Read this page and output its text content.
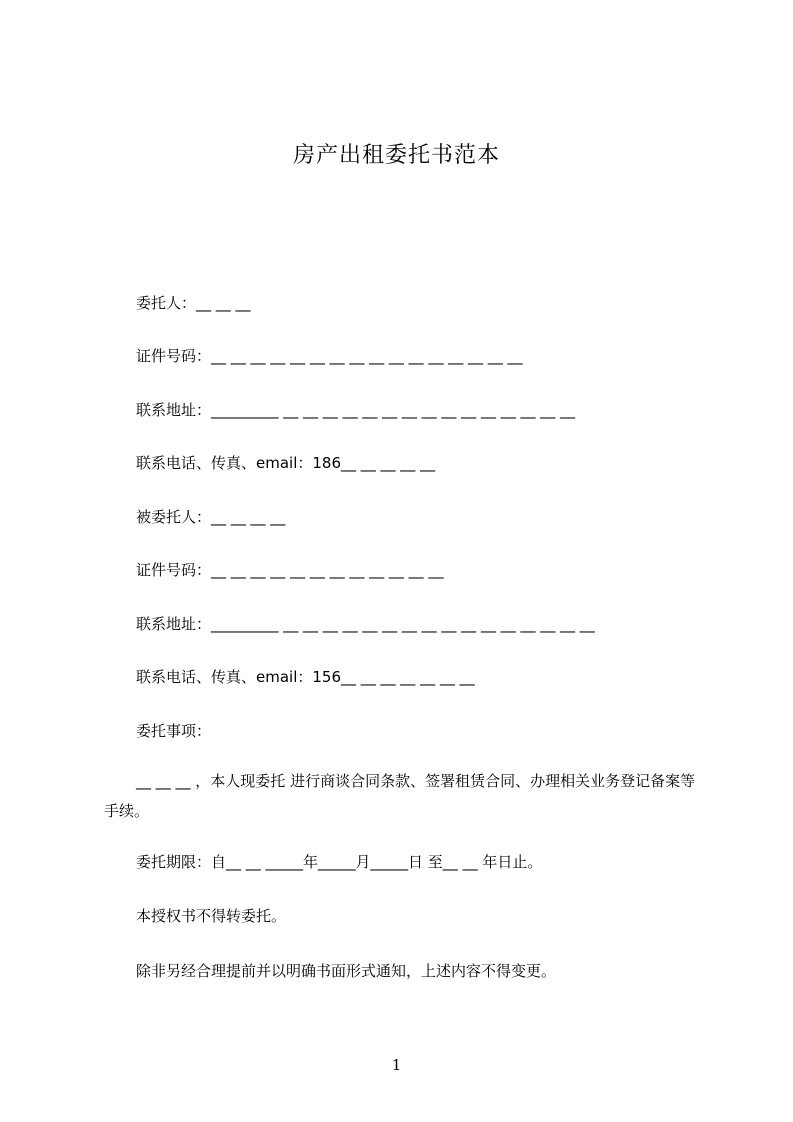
房产出租委托书范本
委托人：__ __ __
证件号码：__ __ __ __ __ __ __ __ __ __ __ __ __ __ __ __
联系地址：_________ __ __ __ __ __ __ __ __ __ __ __ __ __ __ __
联系电话、传真、email：186__ __ __ __ __
被委托人：__ __ __ __
证件号码：__ __ __ __ __ __ __ __ __ __ __ __
联系地址：_________ __ __ __ __ __ __ __ __ __ __ __ __ __ __ __ __
联系电话、传真、email：156__ __ __ __ __ __ __
委托事项：
__ __ __ ，本人现委托 进行商谈合同条款、签署租赁合同、办理相关业务登记备案等手续。
委托期限：自__ __ _____年_____月_____日 至__ __ 年日止。
本授权书不得转委托。
除非另经合理提前并以明确书面形式通知，上述内容不得变更。
1
